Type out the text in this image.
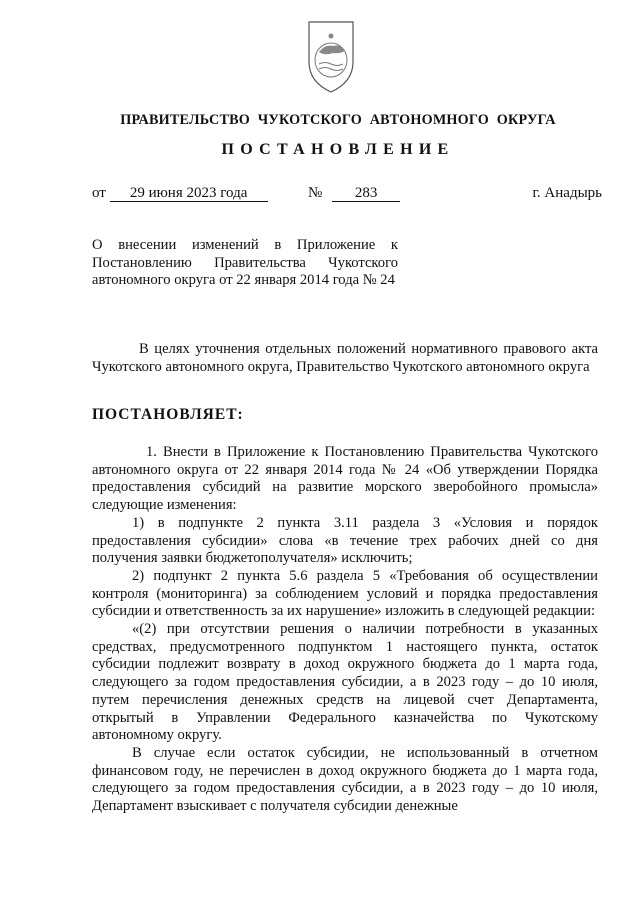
ПРАВИТЕЛЬСТВО ЧУКОТСКОГО АВТОНОМНОГО ОКРУГА
ПОСТАНОВЛЕНИЕ
от 29 июня 2023 года	№ 283	г. Анадырь
О внесении изменений в Приложение к Постановлению Правительства Чукотского автономного округа от 22 января 2014 года № 24
В целях уточнения отдельных положений нормативного правового акта Чукотского автономного округа, Правительство Чукотского автономного округа
ПОСТАНОВЛЯЕТ:

1. Внести в Приложение к Постановлению Правительства Чукотского автономного округа от 22 января 2014 года № 24 «Об утверждении Порядка предоставления субсидий на развитие морского зверобойного промысла» следующие изменения:

1) в подпункте 2 пункта 3.11 раздела 3 «Условия и порядок предоставления субсидии» слова «в течение трех рабочих дней со дня получения заявки бюджетополучателя» исключить;

2) подпункт 2 пункта 5.6 раздела 5 «Требования об осуществлении контроля (мониторинга) за соблюдением условий и порядка предоставления субсидии и ответственность за их нарушение» изложить в следующей редакции:

«(2) при отсутствии решения о наличии потребности в указанных средствах, предусмотренного подпунктом 1 настоящего пункта, остаток субсидии подлежит возврату в доход окружного бюджета до 1 марта года, следующего за годом предоставления субсидии, а в 2023 году – до 10 июля, путем перечисления денежных средств на лицевой счет Департамента, открытый в Управлении Федерального казначейства по Чукотскому автономному округу.

В случае если остаток субсидии, не использованный в отчетном финансовом году, не перечислен в доход окружного бюджета до 1 марта года, следующего за годом предоставления субсидии, а в 2023 году – до 10 июля, Департамент взыскивает с получателя субсидии денежные
